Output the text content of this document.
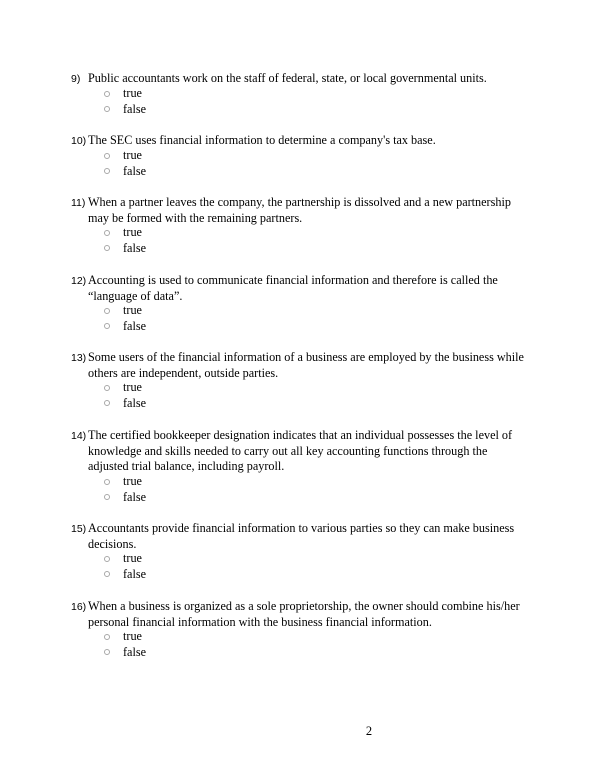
9) Public accountants work on the staff of federal, state, or local governmental units.
true
false
10) The SEC uses financial information to determine a company's tax base.
true
false
11) When a partner leaves the company, the partnership is dissolved and a new partnership may be formed with the remaining partners.
true
false
12) Accounting is used to communicate financial information and therefore is called the “language of data”.
true
false
13) Some users of the financial information of a business are employed by the business while others are independent, outside parties.
true
false
14) The certified bookkeeper designation indicates that an individual possesses the level of knowledge and skills needed to carry out all key accounting functions through the adjusted trial balance, including payroll.
true
false
15) Accountants provide financial information to various parties so they can make business decisions.
true
false
16) When a business is organized as a sole proprietorship, the owner should combine his/her personal financial information with the business financial information.
true
false
2
